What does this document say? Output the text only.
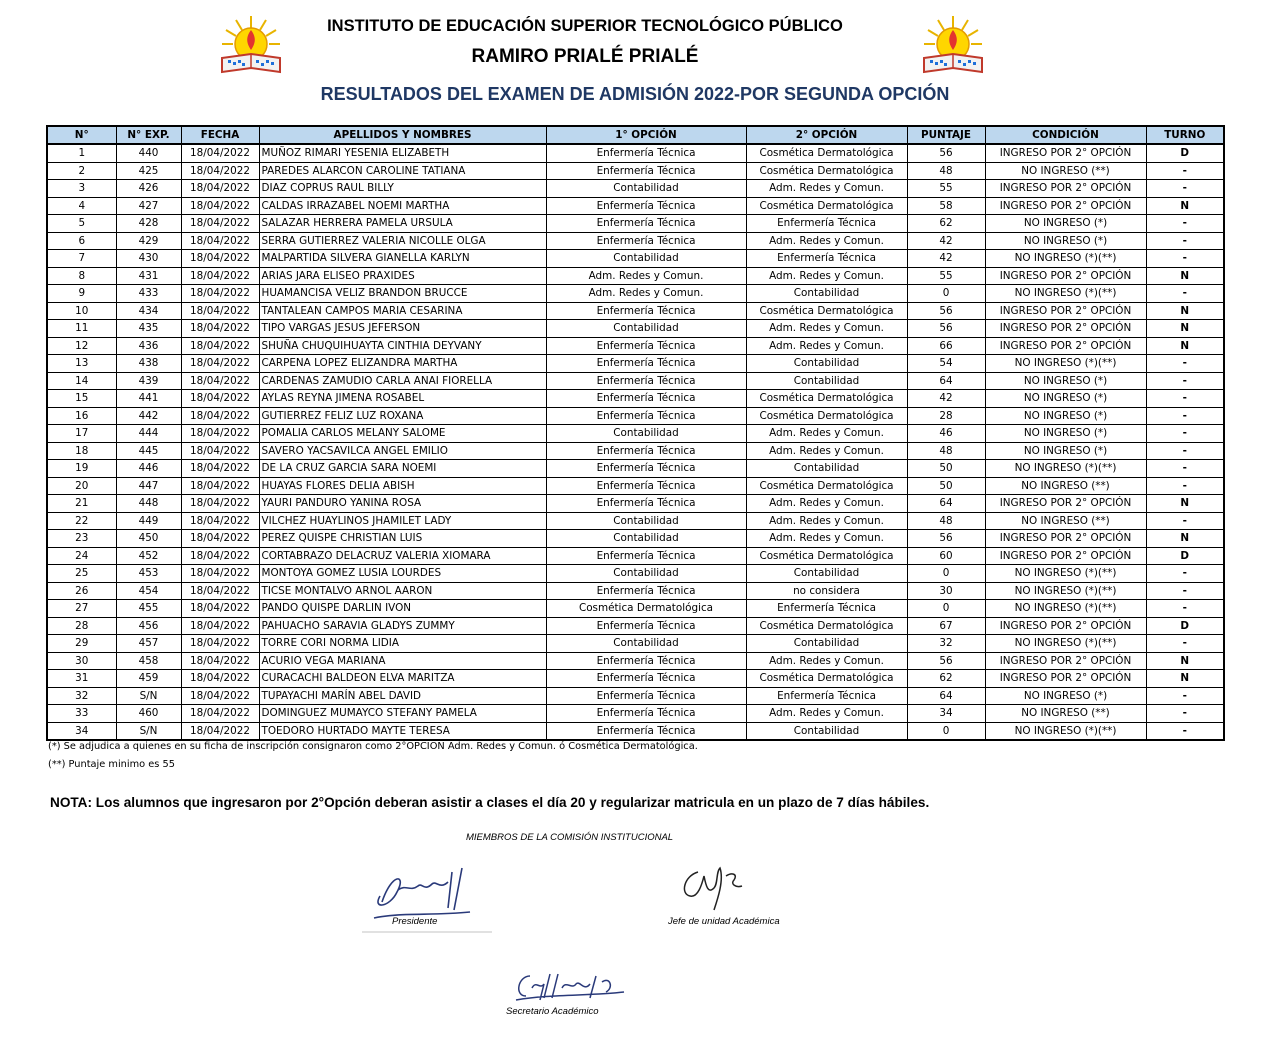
INSTITUTO DE EDUCACIÓN SUPERIOR TECNOLÓGICO PÚBLICO
RAMIRO PRIALÉ PRIALÉ
RESULTADOS DEL EXAMEN DE ADMISIÓN 2022-POR SEGUNDA OPCIÓN
N°	N° EXP.	FECHA	APELLIDOS Y NOMBRES	1° OPCIÓN	2° OPCIÓN	PUNTAJE	CONDICIÓN	TURNO
1	440	18/04/2022	MUÑOZ RIMARI YESENIA ELIZABETH	Enfermería Técnica	Cosmética Dermatológica	56	INGRESO POR 2° OPCIÓN	D
2	425	18/04/2022	PAREDES ALARCON CAROLINE TATIANA	Enfermería Técnica	Cosmética Dermatológica	48	NO INGRESO (**)	-
3	426	18/04/2022	DIAZ COPRUS RAUL BILLY	Contabilidad	Adm. Redes y Comun.	55	INGRESO POR 2° OPCIÓN	-
4	427	18/04/2022	CALDAS IRRAZABEL NOEMI MARTHA	Enfermería Técnica	Cosmética Dermatológica	58	INGRESO POR 2° OPCIÓN	N
5	428	18/04/2022	SALAZAR HERRERA PAMELA URSULA	Enfermería Técnica	Enfermería Técnica	62	NO INGRESO (*)	-
6	429	18/04/2022	SERRA GUTIERREZ VALERIA NICOLLE OLGA	Enfermería Técnica	Adm. Redes y Comun.	42	NO INGRESO (*)	-
7	430	18/04/2022	MALPARTIDA SILVERA GIANELLA KARLYN	Contabilidad	Enfermería Técnica	42	NO INGRESO (*)(**)	-
8	431	18/04/2022	ARIAS JARA ELISEO PRAXIDES	Adm. Redes y Comun.	Adm. Redes y Comun.	55	INGRESO POR 2° OPCIÓN	N
9	433	18/04/2022	HUAMANCISA VELIZ BRANDON BRUCCE	Adm. Redes y Comun.	Contabilidad	0	NO INGRESO (*)(**)	-
10	434	18/04/2022	TANTALEAN CAMPOS MARIA CESARINA	Enfermería Técnica	Cosmética Dermatológica	56	INGRESO POR 2° OPCIÓN	N
11	435	18/04/2022	TIPO VARGAS JESUS JEFERSON	Contabilidad	Adm. Redes y Comun.	56	INGRESO POR 2° OPCIÓN	N
12	436	18/04/2022	SHUÑA CHUQUIHUAYTA CINTHIA DEYVANY	Enfermería Técnica	Adm. Redes y Comun.	66	INGRESO POR 2° OPCIÓN	N
13	438	18/04/2022	CARPENA LOPEZ ELIZANDRA MARTHA	Enfermería Técnica	Contabilidad	54	NO INGRESO (*)(**)	-
14	439	18/04/2022	CARDENAS ZAMUDIO CARLA ANAI FIORELLA	Enfermería Técnica	Contabilidad	64	NO INGRESO (*)	-
15	441	18/04/2022	AYLAS REYNA JIMENA ROSABEL	Enfermería Técnica	Cosmética Dermatológica	42	NO INGRESO (*)	-
16	442	18/04/2022	GUTIERREZ FELIZ LUZ ROXANA	Enfermería Técnica	Cosmética Dermatológica	28	NO INGRESO (*)	-
17	444	18/04/2022	POMALIA CARLOS MELANY SALOME	Contabilidad	Adm. Redes y Comun.	46	NO INGRESO (*)	-
18	445	18/04/2022	SAVERO YACSAVILCA ANGEL EMILIO	Enfermería Técnica	Adm. Redes y Comun.	48	NO INGRESO (*)	-
19	446	18/04/2022	DE LA CRUZ GARCIA SARA NOEMI	Enfermería Técnica	Contabilidad	50	NO INGRESO (*)(**)	-
20	447	18/04/2022	HUAYAS FLORES DELIA ABISH	Enfermería Técnica	Cosmética Dermatológica	50	NO INGRESO (**)	-
21	448	18/04/2022	YAURI PANDURO YANINA ROSA	Enfermería Técnica	Adm. Redes y Comun.	64	INGRESO POR 2° OPCIÓN	N
22	449	18/04/2022	VILCHEZ HUAYLINOS JHAMILET LADY	Contabilidad	Adm. Redes y Comun.	48	NO INGRESO (**)	-
23	450	18/04/2022	PEREZ QUISPE CHRISTIAN LUIS	Contabilidad	Adm. Redes y Comun.	56	INGRESO POR 2° OPCIÓN	N
24	452	18/04/2022	CORTABRAZO DELACRUZ VALERIA XIOMARA	Enfermería Técnica	Cosmética Dermatológica	60	INGRESO POR 2° OPCIÓN	D
25	453	18/04/2022	MONTOYA GOMEZ LUSIA LOURDES	Contabilidad	Contabilidad	0	NO INGRESO (*)(**)	-
26	454	18/04/2022	TICSE MONTALVO ARNOL AARON	Enfermería Técnica	no considera	30	NO INGRESO (*)(**)	-
27	455	18/04/2022	PANDO QUISPE DARLIN IVON	Cosmética Dermatológica	Enfermería Técnica	0	NO INGRESO (*)(**)	-
28	456	18/04/2022	PAHUACHO SARAVIA GLADYS ZUMMY	Enfermería Técnica	Cosmética Dermatológica	67	INGRESO POR 2° OPCIÓN	D
29	457	18/04/2022	TORRE CORI NORMA LIDIA	Contabilidad	Contabilidad	32	NO INGRESO (*)(**)	-
30	458	18/04/2022	ACURIO VEGA MARIANA	Enfermería Técnica	Adm. Redes y Comun.	56	INGRESO POR 2° OPCIÓN	N
31	459	18/04/2022	CURACACHI BALDEON ELVA MARITZA	Enfermería Técnica	Cosmética Dermatológica	62	INGRESO POR 2° OPCIÓN	N
32	S/N	18/04/2022	TUPAYACHI MARÍN ABEL DAVID	Enfermería Técnica	Enfermería Técnica	64	NO INGRESO (*)	-
33	460	18/04/2022	DOMINGUEZ MUMAYCO STEFANY PAMELA	Enfermería Técnica	Adm. Redes y Comun.	34	NO INGRESO (**)	-
34	S/N	18/04/2022	TOEDORO HURTADO MAYTE TERESA	Enfermería Técnica	Contabilidad	0	NO INGRESO (*)(**)	-
(*) Se adjudica a quienes en su ficha de inscripción consignaron como 2°OPCIÓN Adm. Redes y Comun. ó Cosmética Dermatológica.
(**) Puntaje minimo es 55
NOTA: Los alumnos que ingresaron por 2°Opción deberan asistir a clases el día 20 y regularizar matricula en un plazo de 7 días hábiles.
MIEMBROS DE LA COMISIÓN INSTITUCIONAL
Presidente	Jefe de unidad Académica
Secretario Académico
